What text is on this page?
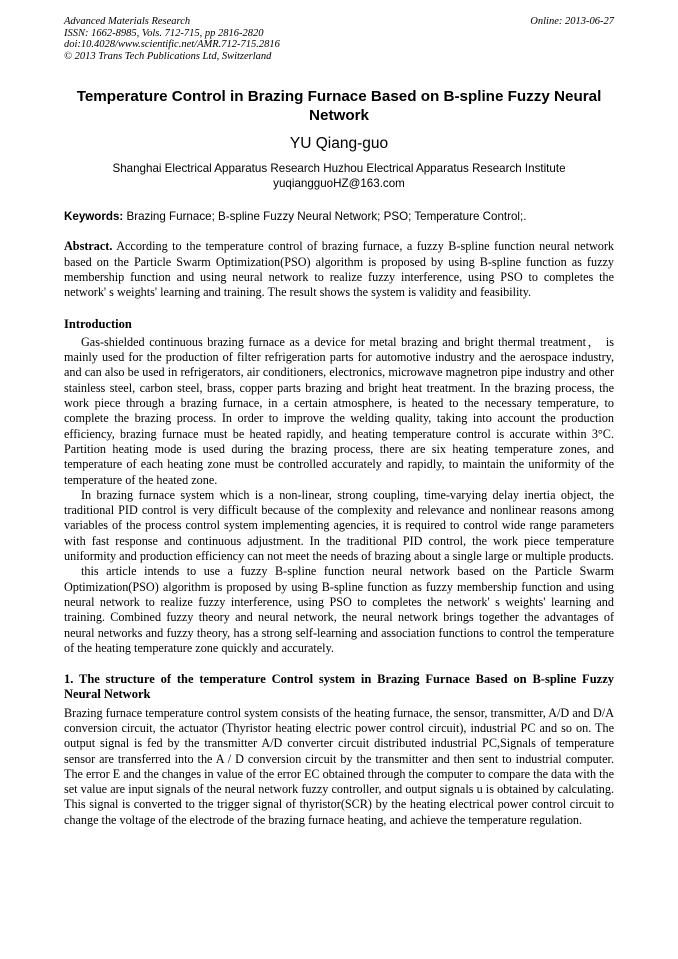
Advanced Materials Research
ISSN: 1662-8985, Vols. 712-715, pp 2816-2820
doi:10.4028/www.scientific.net/AMR.712-715.2816
© 2013 Trans Tech Publications Ltd, Switzerland
Online: 2013-06-27
Temperature Control in Brazing Furnace Based on B-spline Fuzzy Neural Network
YU Qiang-guo
Shanghai Electrical Apparatus Research Huzhou Electrical Apparatus Research Institute
yuqiangguoHZ@163.com
Keywords: Brazing Furnace; B-spline Fuzzy Neural Network; PSO; Temperature Control;.

Abstract. According to the temperature control of brazing furnace, a fuzzy B-spline function neural network based on the Particle Swarm Optimization(PSO) algorithm is proposed by using B-spline function as fuzzy membership function and using neural network to realize fuzzy interference, using PSO to completes the network' s weights' learning and training. The result shows the system is validity and feasibility.

Introduction

Gas-shielded continuous brazing furnace as a device for metal brazing and bright thermal treatment， is mainly used for the production of filter refrigeration parts for automotive industry and the aerospace industry, and can also be used in refrigerators, air conditioners, electronics, microwave magnetron pipe industry and other stainless steel, carbon steel, brass, copper parts brazing and bright heat treatment. In the brazing process, the work piece through a brazing furnace, in a certain atmosphere, is heated to the necessary temperature, to complete the brazing process. In order to improve the welding quality, taking into account the production efficiency, brazing furnace must be heated rapidly, and heating temperature control is accurate within 3°C. Partition heating mode is used during the brazing process, there are six heating temperature zones, and temperature of each heating zone must be controlled accurately and rapidly, to maintain the uniformity of the temperature of the heated zone.

In brazing furnace system which is a non-linear, strong coupling, time-varying delay inertia object, the traditional PID control is very difficult because of the complexity and relevance and nonlinear reasons among variables of the process control system implementing agencies, it is required to control wide range parameters with fast response and continuous adjustment. In the traditional PID control, the work piece temperature uniformity and production efficiency can not meet the needs of brazing about a single large or multiple products.

this article intends to use a fuzzy B-spline function neural network based on the Particle Swarm Optimization(PSO) algorithm is proposed by using B-spline function as fuzzy membership function and using neural network to realize fuzzy interference, using PSO to completes the network' s weights' learning and training. Combined fuzzy theory and neural network, the neural network brings together the advantages of neural networks and fuzzy theory, has a strong self-learning and association functions to control the temperature of the heating temperature zone quickly and accurately.

1. The structure of the temperature Control system in Brazing Furnace Based on B-spline Fuzzy Neural Network

Brazing furnace temperature control system consists of the heating furnace, the sensor, transmitter, A/D and D/A conversion circuit, the actuator (Thyristor heating electric power control circuit), industrial PC and so on. The output signal is fed by the transmitter A/D converter circuit distributed industrial PC,Signals of temperature sensor are transferred into the A / D conversion circuit by the transmitter and then sent to industrial computer. The error E and the changes in value of the error EC obtained through the computer to compare the data with the set value are input signals of the neural network fuzzy controller, and output signals u is obtained by calculating. This signal is converted to the trigger signal of thyristor(SCR) by the heating electrical power control circuit to change the voltage of the electrode of the brazing furnace heating, and achieve the temperature regulation.
